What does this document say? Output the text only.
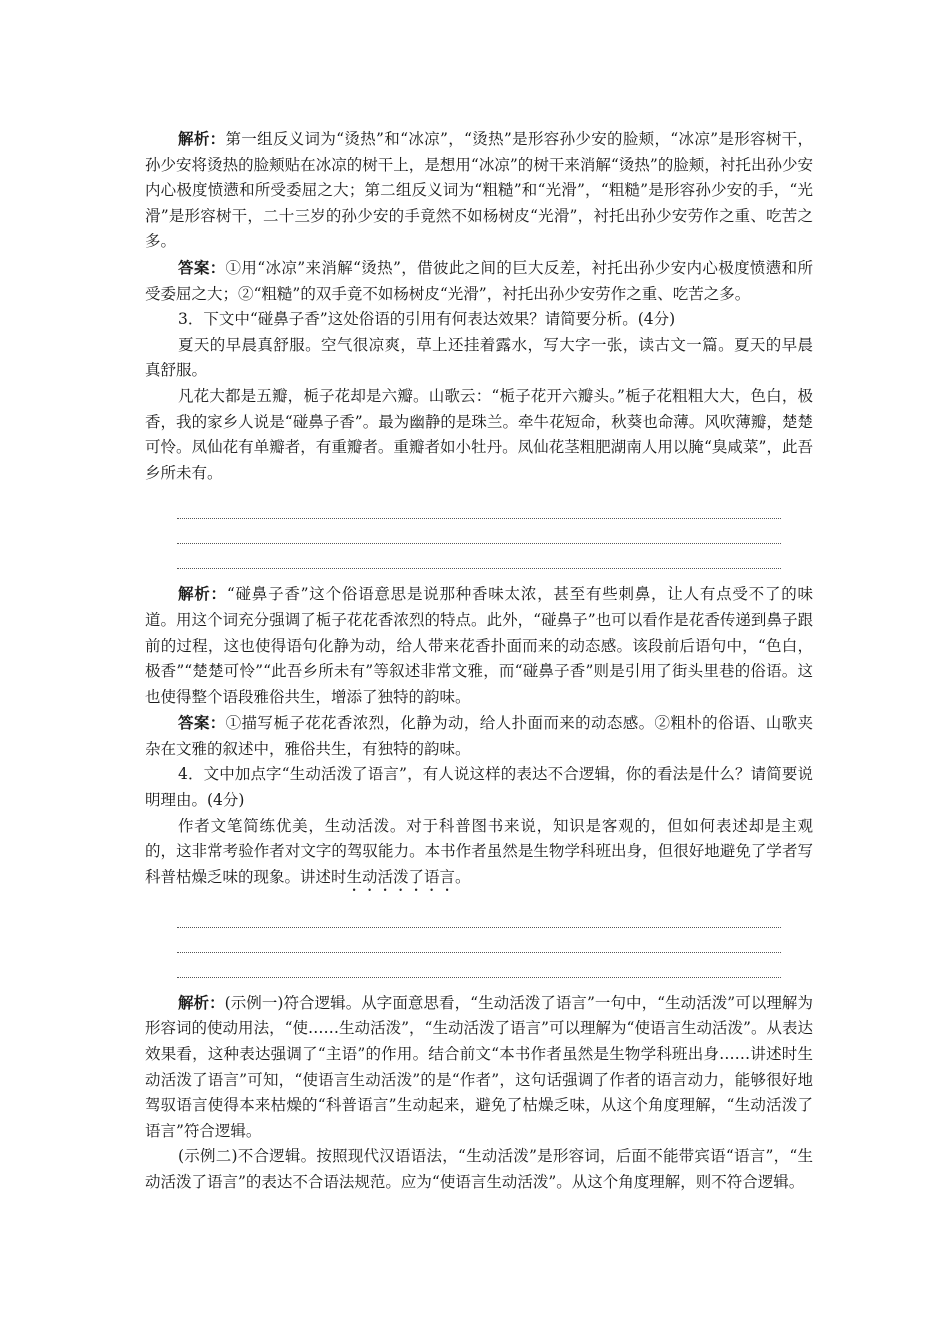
解析：第一组反义词为“烫热”和“冰凉”，“烫热”是形容孙少安的脸颊，“冰凉”是形容树干，孙少安将烫热的脸颊贴在冰凉的树干上，是想用“冰凉”的树干来消解“烫热”的脸颊，衬托出孙少安内心极度愤懑和所受委屈之大；第二组反义词为“粗糙”和“光滑”，“粗糙”是形容孙少安的手，“光滑”是形容树干，二十三岁的孙少安的手竟然不如杨树皮“光滑”，衬托出孙少安劳作之重、吃苦之多。

答案：①用“冰凉”来消解“烫热”，借彼此之间的巨大反差，衬托出孙少安内心极度愤懑和所受委屈之大；②“粗糙”的双手竟不如杨树皮“光滑”，衬托出孙少安劳作之重、吃苦之多。

3．下文中“碰鼻子香”这处俗语的引用有何表达效果？请简要分析。(4分)

夏天的早晨真舒服。空气很凉爽，草上还挂着露水，写大字一张，读古文一篇。夏天的早晨真舒服。

凡花大都是五瓣，栀子花却是六瓣。山歌云：“栀子花开六瓣头。”栀子花粗粗大大，色白，极香，我的家乡人说是“碰鼻子香”。最为幽静的是珠兰。牵牛花短命，秋葵也命薄。风吹薄瓣，楚楚可怜。凤仙花有单瓣者，有重瓣者。重瓣者如小牡丹。凤仙花茎粗肥湖南人用以腌“臭咸菜”，此吾乡所未有。

解析：“碰鼻子香”这个俗语意思是说那种香味太浓，甚至有些刺鼻，让人有点受不了的味道。用这个词充分强调了栀子花花香浓烈的特点。此外，“碰鼻子”也可以看作是花香传递到鼻子跟前的过程，这也使得语句化静为动，给人带来花香扑面而来的动态感。该段前后语句中，“色白，极香”“楚楚可怜”“此吾乡所未有”等叙述非常文雅，而“碰鼻子香”则是引用了街头里巷的俗语。这也使得整个语段雅俗共生，增添了独特的韵味。

答案：①描写栀子花花香浓烈，化静为动，给人扑面而来的动态感。②粗朴的俗语、山歌夹杂在文雅的叙述中，雅俗共生，有独特的韵味。

4．文中加点字“生动活泼了语言”，有人说这样的表达不合逻辑，你的看法是什么？请简要说明理由。(4分)

作者文笔简练优美，生动活泼。对于科普图书来说，知识是客观的，但如何表述却是主观的，这非常考验作者对文字的驾驭能力。本书作者虽然是生物学科班出身，但很好地避免了学者写科普枯燥乏味的现象。讲述时生动活泼了语言。

解析：(示例一)符合逻辑。从字面意思看，“生动活泼了语言”一句中，“生动活泼”可以理解为形容词的使动用法，“使……生动活泼”，“生动活泼了语言”可以理解为“使语言生动活泼”。从表达效果看，这种表达强调了“主语”的作用。结合前文“本书作者虽然是生物学科班出身……讲述时生动活泼了语言”可知，“使语言生动活泼”的是“作者”，这句话强调了作者的语言动力，能够很好地驾驭语言使得本来枯燥的“科普语言”生动起来，避免了枯燥乏味，从这个角度理解，“生动活泼了语言”符合逻辑。

(示例二)不合逻辑。按照现代汉语语法，“生动活泼”是形容词，后面不能带宾语“语言”，“生动活泼了语言”的表达不合语法规范。应为“使语言生动活泼”。从这个角度理解，则不符合逻辑。
